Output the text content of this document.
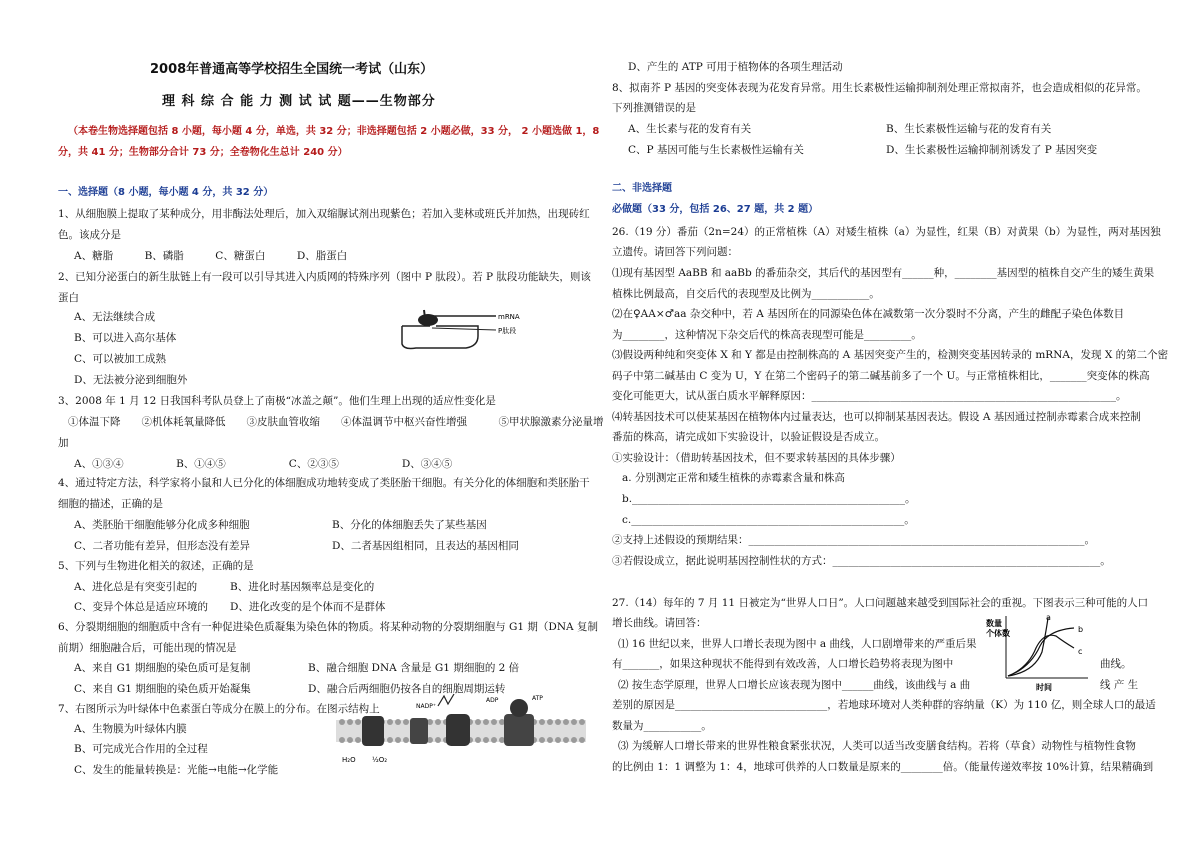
2008年普通高等学校招生全国统一考试（山东）
理 科 综 合 能 力 测 试 试 题——生物部分
（本卷生物选择题包括 8 小题，每小题 4 分，单选，共 32 分；非选择题包括 2 小题必做，33 分， 2 小题选做 1，8
分，共 41 分；生物部分合计 73 分；全卷物化生总计 240 分）
一、选择题（8 小题，每小题 4 分，共 32 分）
1、从细胞膜上提取了某种成分，用非酶法处理后，加入双缩脲试剂出现紫色；若加入斐林或班氏并加热，出现砖红
色。该成分是
A、糖脂　　　B、磷脂　　　C、糖蛋白　　　D、脂蛋白
2、已知分泌蛋白的新生肽链上有一段可以引导其进入内质网的特殊序列（图中 P 肽段）。若 P 肽段功能缺失，则该
蛋白
A、无法继续合成
B、可以进入高尔基体
C、可以被加工成熟
D、无法被分泌到细胞外
mRNA
P肽段
3、2008 年 1 月 12 日我国科考队员登上了南极“冰盖之颠”。他们生理上出现的适应性变化是
①体温下降　　②机体耗氧量降低　　③皮肤血管收缩　　④体温调节中枢兴奋性增强　　　⑤甲状腺激素分泌量增
加
A、①③④　　　　　B、①④⑤　　　　　　C、②③⑤　　　　　　D、③④⑤
4、通过特定方法，科学家将小鼠和人已分化的体细胞成功地转变成了类胚胎干细胞。有关分化的体细胞和类胚胎干
细胞的描述，正确的是
A、类胚胎干细胞能够分化成多种细胞	B、分化的体细胞丢失了某些基因
C、二者功能有差异，但形态没有差异	D、二者基因组相同，且表达的基因相同
5、下列与生物进化相关的叙述，正确的是
A、进化总是有突变引起的	B、进化时基因频率总是变化的
C、变异个体总是适应环境的 D、进化改变的是个体而不是群体
6、分裂期细胞的细胞质中含有一种促进染色质凝集为染色体的物质。将某种动物的分裂期细胞与 G1 期（DNA 复制
前期）细胞融合后，可能出现的情况是
A、来自 G1 期细胞的染色质可是复制	B、融合细胞 DNA 含量是 G1 期细胞的 2 倍
C、来自 G1 期细胞的染色质开始凝集	D、融合后两细胞仍按各自的细胞周期运转
7、右图所示为叶绿体中色素蛋白等成分在膜上的分布。在图示结构上
A、生物膜为叶绿体内膜
B、可完成光合作用的全过程
C、发生的能量转换是：光能→电能→化学能
H₂O ½O₂
NADP⁺
ADP	ATP
D、产生的 ATP 可用于植物体的各项生理活动
8、拟南芥 P 基因的突变体表现为花发育异常。用生长素极性运输抑制剂处理正常拟南芥，也会造成相似的花异常。
下列推测错误的是
A、生长素与花的发育有关	B、生长素极性运输与花的发育有关
C、P 基因可能与生长素极性运输有关	D、生长素极性运输抑制剂诱发了 P 基因突变
二、非选择题
必做题（33 分，包括 26、27 题，共 2 题）
26.（19 分）番茄（2n=24）的正常植株（A）对矮生植株（a）为显性，红果（B）对黄果（b）为显性，两对基因独
立遗传。请回答下列问题：
⑴现有基因型 AaBB 和 aaBb 的番茄杂交，其后代的基因型有______种，________基因型的植株自交产生的矮生黄果
植株比例最高，自交后代的表现型及比例为___________。
⑵在♀AA×♂aa 杂交种中，若 A 基因所在的同源染色体在减数第一次分裂时不分离，产生的雌配子染色体数目
为________，这种情况下杂交后代的株高表现型可能是_________。
⑶假设两种纯和突变体 X 和 Y 都是由控制株高的 A 基因突变产生的，检测突变基因转录的 mRNA，发现 X 的第二个密
码子中第二碱基由 C 变为 U，Y 在第二个密码子的第二碱基前多了一个 U。与正常植株相比，_______突变体的株高
变化可能更大，试从蛋白质水平解释原因：__________________________________________________________。
⑷转基因技术可以使某基因在植物体内过量表达，也可以抑制某基因表达。假设 A 基因通过控制赤霉素合成来控制
番茄的株高，请完成如下实验设计，以验证假设是否成立。
①实验设计：（借助转基因技术，但不要求转基因的具体步骤）
a. 分别测定正常和矮生植株的赤霉素含量和株高
b.____________________________________________________。
c.____________________________________________________。
②支持上述假设的预期结果：________________________________________________________________。
③若假设成立，据此说明基因控制性状的方式：___________________________________________________。
27.（14）每年的 7 月 11 日被定为“世界人口日”。人口问题越来越受到国际社会的重视。下图表示三种可能的人口
增长曲线。请回答：
⑴ 16 世纪以来，世界人口增长表现为图中 a 曲线，人口剧增带来的严重后果
有_______，如果这种现状不能得到有效改善，人口增长趋势将表现为图中	曲线。
⑵ 按生态学原理，世界人口增长应该表现为图中______曲线，该曲线与 a 曲	线 产 生
差别的原因是_____________________________，若地球环境对人类种群的容纳量（K）为 110 亿，则全球人口的最适
数量为___________。
⑶ 为缓解人口增长带来的世界性粮食紧张状况，人类可以适当改变膳食结构。若将（草食）动物性与植物性食物
的比例由 1：1 调整为 1：4，地球可供养的人口数量是原来的________倍。（能量传递效率按 10%计算，结果精确到
数量
个体数
时间
a
b
c
